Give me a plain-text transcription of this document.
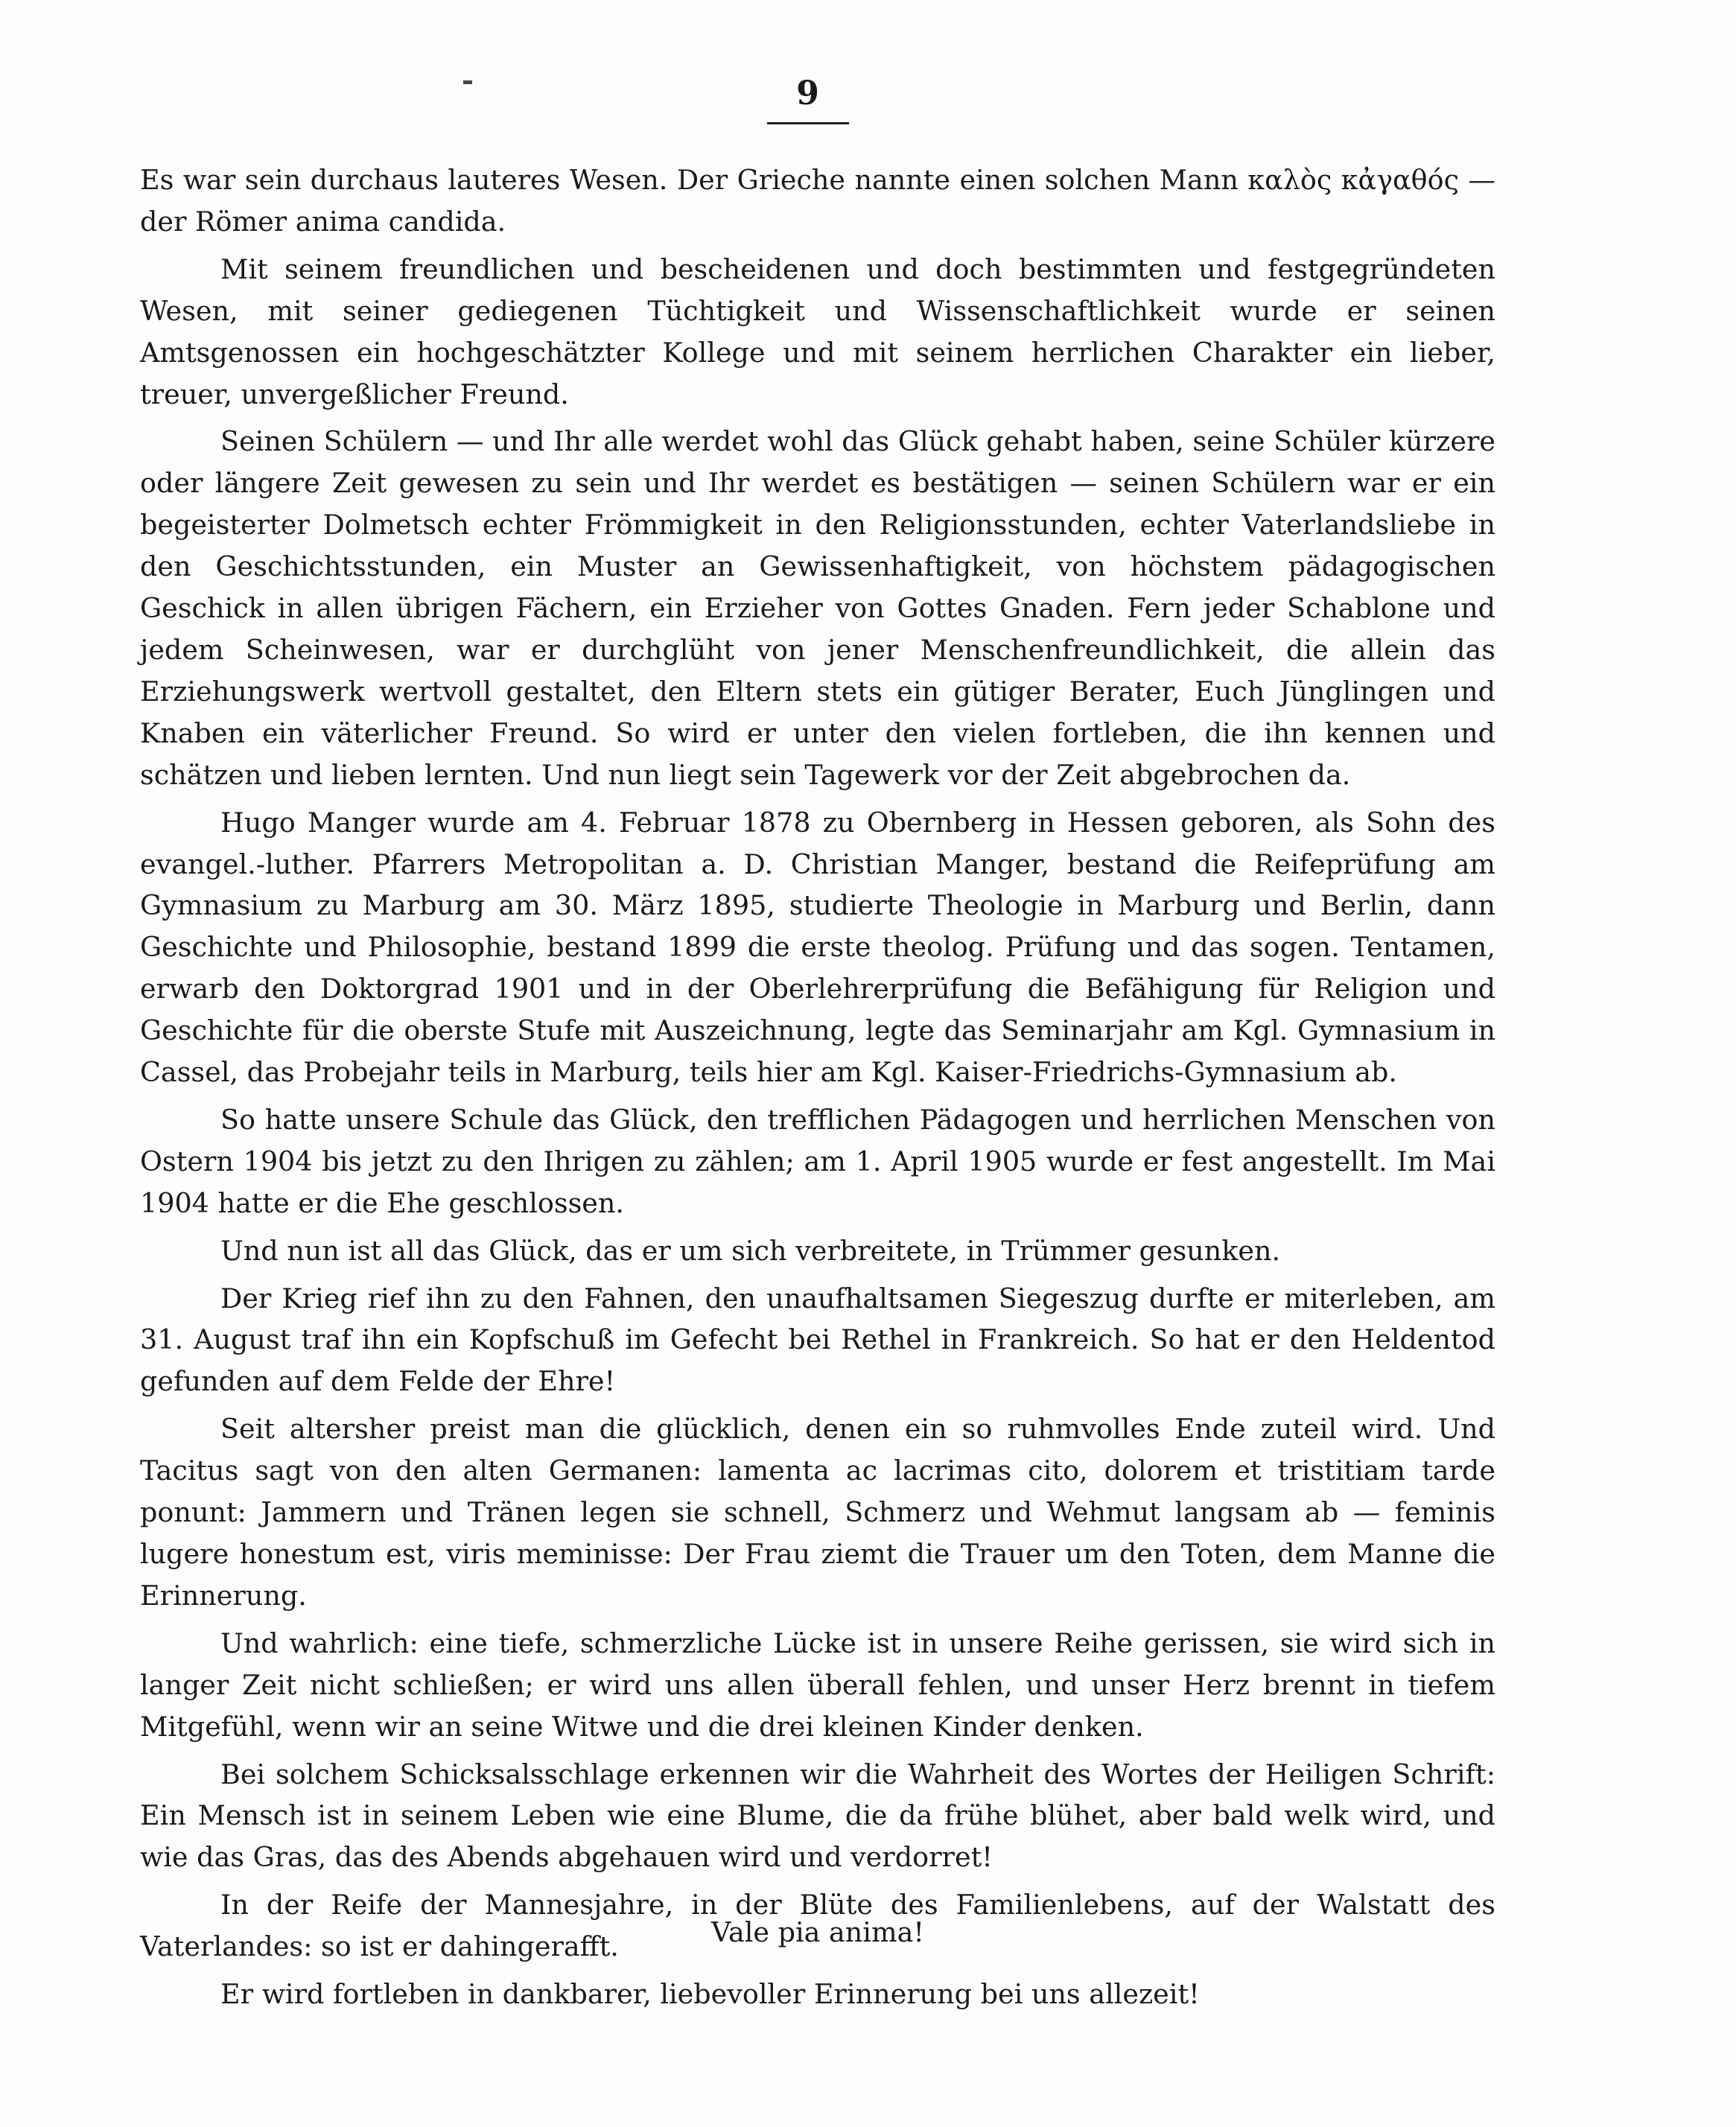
9

Es war sein durchaus lauteres Wesen. Der Grieche nannte einen solchen Mann καλὸς κἀγαθός — der Römer anima candida.

Mit seinem freundlichen und bescheidenen und doch bestimmten und festgegründeten Wesen, mit seiner gediegenen Tüchtigkeit und Wissenschaftlichkeit wurde er seinen Amtsgenossen ein hochgeschätzter Kollege und mit seinem herrlichen Charakter ein lieber, treuer, unvergeßlicher Freund.

Seinen Schülern — und Ihr alle werdet wohl das Glück gehabt haben, seine Schüler kürzere oder längere Zeit gewesen zu sein und Ihr werdet es bestätigen — seinen Schülern war er ein begeisterter Dolmetsch echter Frömmigkeit in den Religionsstunden, echter Vaterlandsliebe in den Geschichtsstunden, ein Muster an Gewissenhaftigkeit, von höchstem pädagogischen Geschick in allen übrigen Fächern, ein Erzieher von Gottes Gnaden. Fern jeder Schablone und jedem Scheinwesen, war er durchglüht von jener Menschenfreundlichkeit, die allein das Erziehungswerk wertvoll gestaltet, den Eltern stets ein gütiger Berater, Euch Jünglingen und Knaben ein väterlicher Freund. So wird er unter den vielen fortleben, die ihn kennen und schätzen und lieben lernten. Und nun liegt sein Tagewerk vor der Zeit abgebrochen da.

Hugo Manger wurde am 4. Februar 1878 zu Obernberg in Hessen geboren, als Sohn des evangel.-luther. Pfarrers Metropolitan a. D. Christian Manger, bestand die Reifeprüfung am Gymnasium zu Marburg am 30. März 1895, studierte Theologie in Marburg und Berlin, dann Geschichte und Philosophie, bestand 1899 die erste theolog. Prüfung und das sogen. Tentamen, erwarb den Doktorgrad 1901 und in der Oberlehrerprüfung die Befähigung für Religion und Geschichte für die oberste Stufe mit Auszeichnung, legte das Seminarjahr am Kgl. Gymnasium in Cassel, das Probejahr teils in Marburg, teils hier am Kgl. Kaiser-Friedrichs-Gymnasium ab.

So hatte unsere Schule das Glück, den trefflichen Pädagogen und herrlichen Menschen von Ostern 1904 bis jetzt zu den Ihrigen zu zählen; am 1. April 1905 wurde er fest angestellt. Im Mai 1904 hatte er die Ehe geschlossen.

Und nun ist all das Glück, das er um sich verbreitete, in Trümmer gesunken.

Der Krieg rief ihn zu den Fahnen, den unaufhaltsamen Siegeszug durfte er miterleben, am 31. August traf ihn ein Kopfschuß im Gefecht bei Rethel in Frankreich. So hat er den Heldentod gefunden auf dem Felde der Ehre!

Seit altersher preist man die glücklich, denen ein so ruhmvolles Ende zuteil wird. Und Tacitus sagt von den alten Germanen: lamenta ac lacrimas cito, dolorem et tristitiam tarde ponunt: Jammern und Tränen legen sie schnell, Schmerz und Wehmut langsam ab — feminis lugere honestum est, viris meminisse: Der Frau ziemt die Trauer um den Toten, dem Manne die Erinnerung.

Und wahrlich: eine tiefe, schmerzliche Lücke ist in unsere Reihe gerissen, sie wird sich in langer Zeit nicht schließen; er wird uns allen überall fehlen, und unser Herz brennt in tiefem Mitgefühl, wenn wir an seine Witwe und die drei kleinen Kinder denken.

Bei solchem Schicksalsschlage erkennen wir die Wahrheit des Wortes der Heiligen Schrift: Ein Mensch ist in seinem Leben wie eine Blume, die da frühe blühet, aber bald welk wird, und wie das Gras, das des Abends abgehauen wird und verdorret!

In der Reife der Mannesjahre, in der Blüte des Familienlebens, auf der Walstatt des Vaterlandes: so ist er dahingerafft.

Er wird fortleben in dankbarer, liebevoller Erinnerung bei uns allezeit!

Vale pia anima!
